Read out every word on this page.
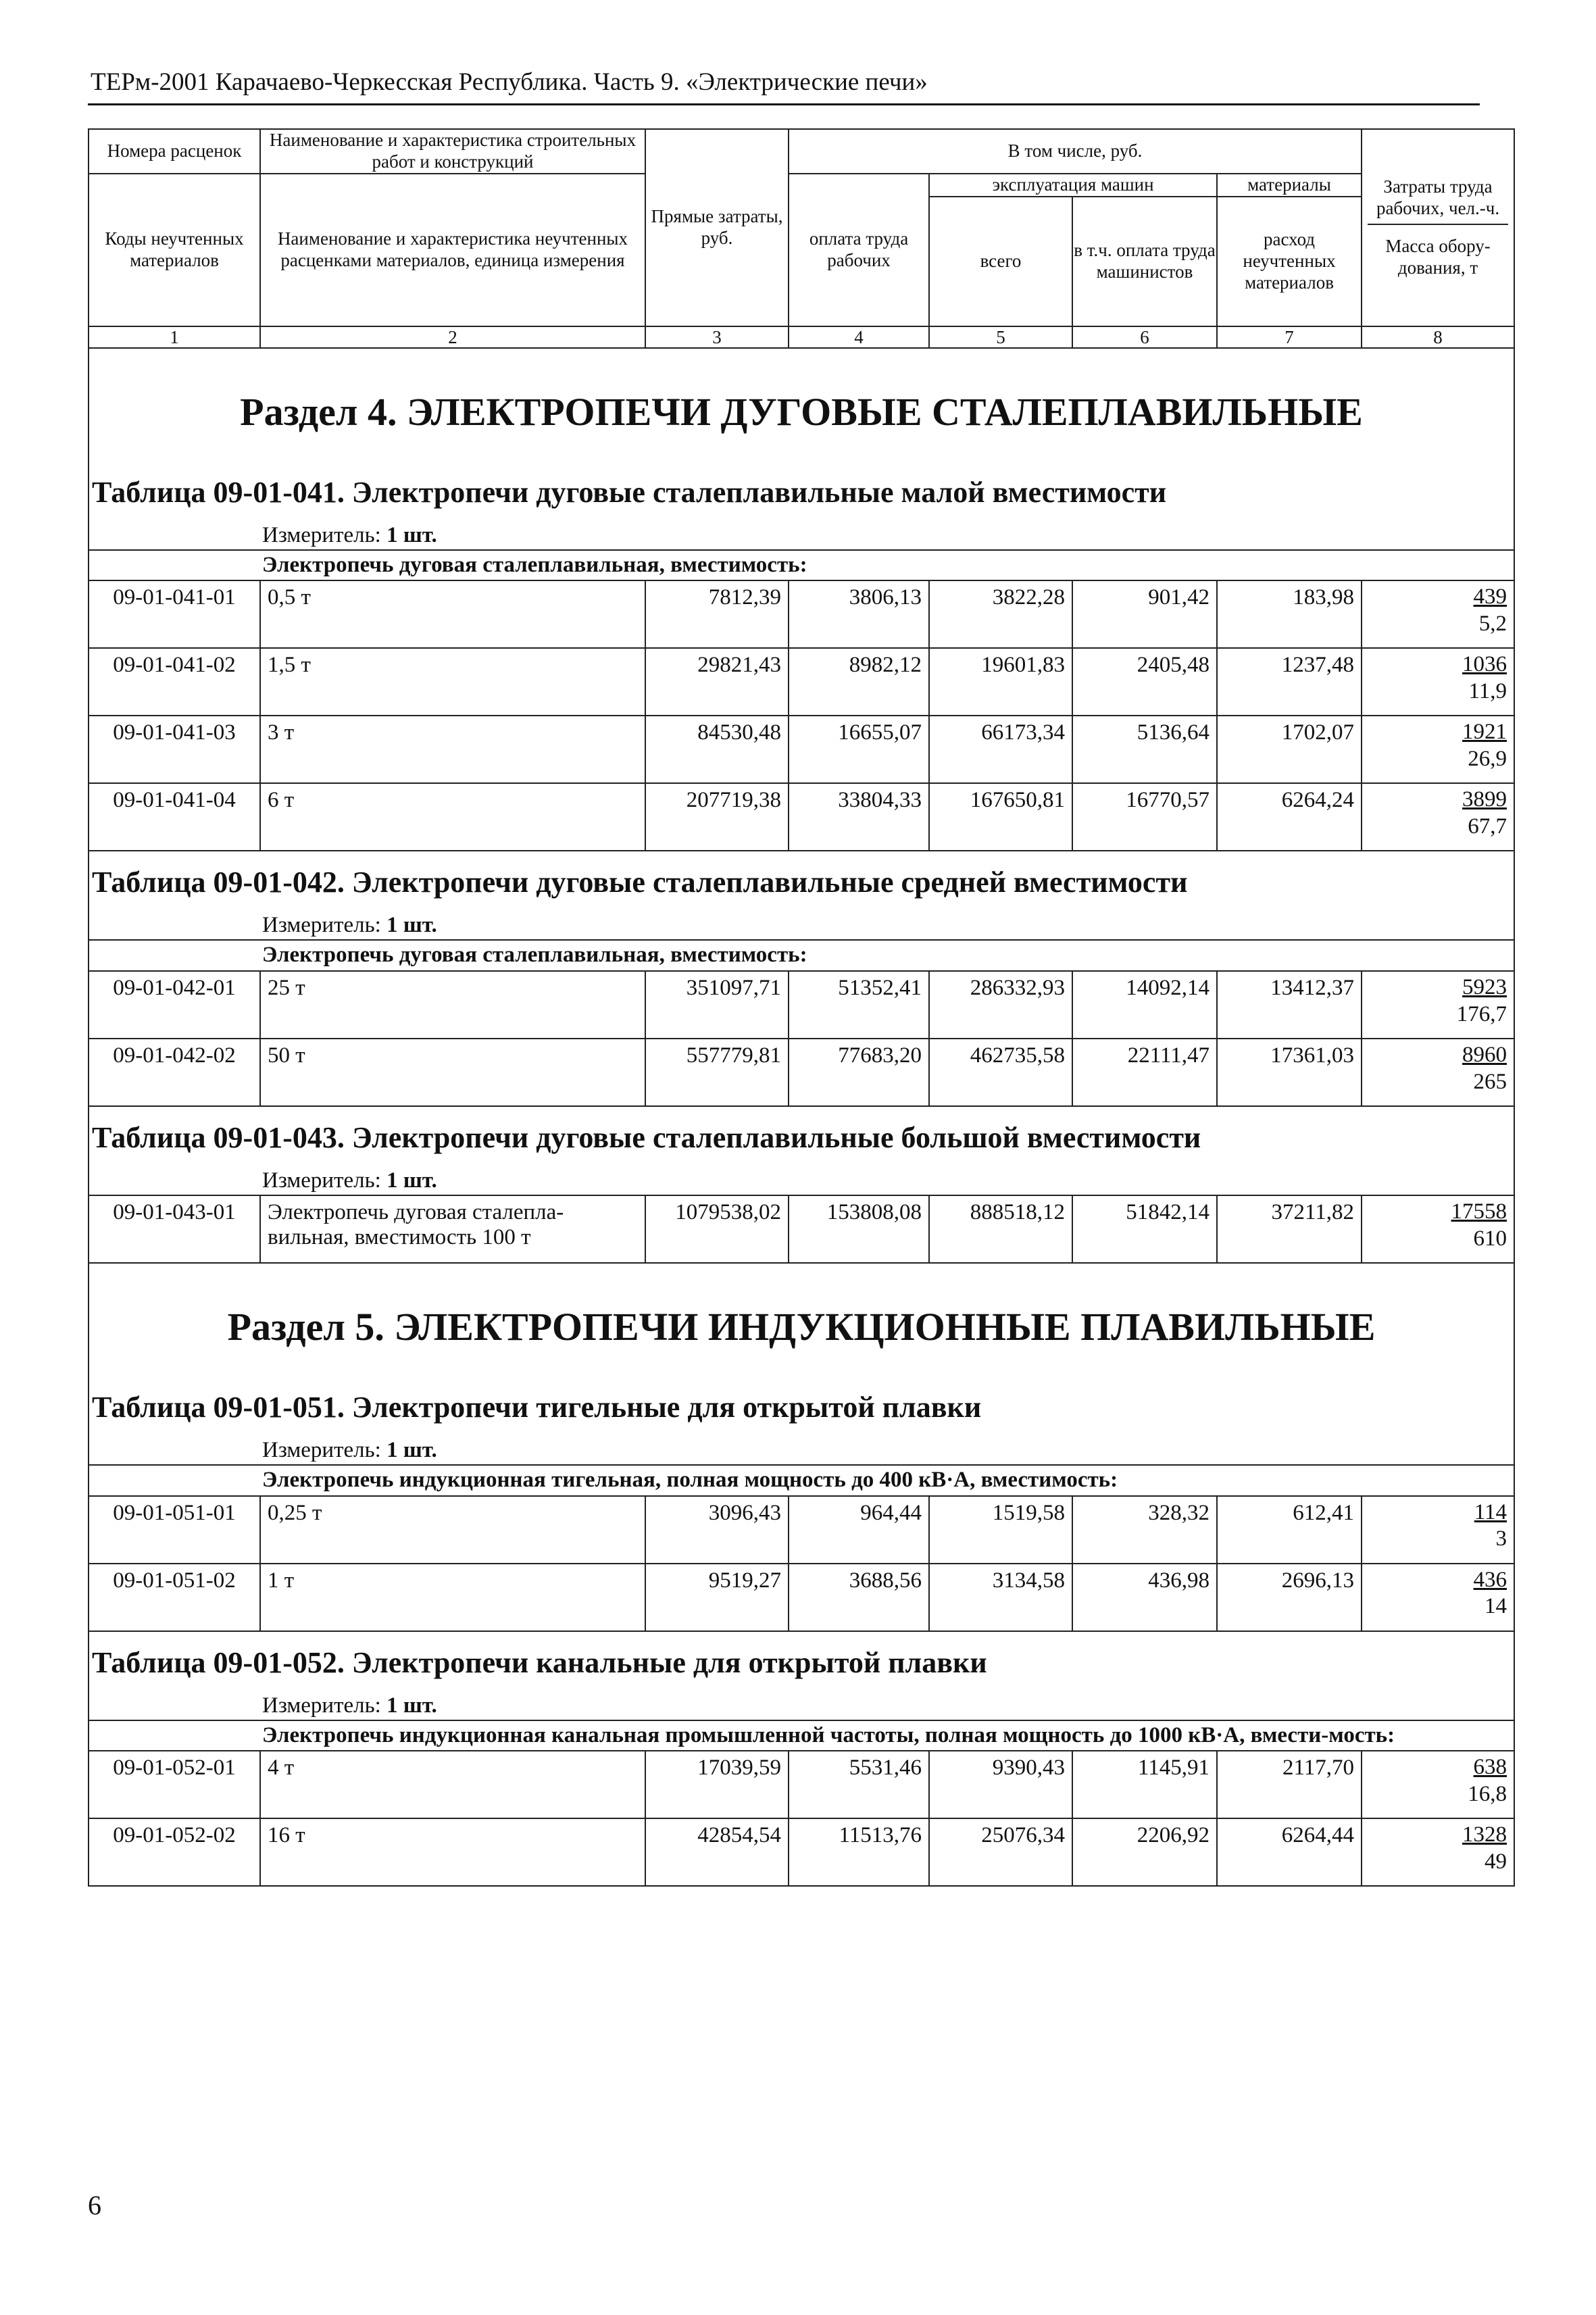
ТЕРм-2001 Карачаево-Черкесская Республика. Часть 9. «Электрические печи»
Номера расценок	Наименование и характеристика строительных работ и конструкций	Прямые затраты, руб.	В том числе, руб.				Затраты труда рабочих, чел.-ч.
Масса обору-дования, т

Коды неучтенных материалов	Наименование и характеристика неучтенных расценками материалов, единица измерения		оплата труда рабочих	эксплуатация машин		материалы	
				всего	в т.ч. оплата труда машинистов	расход неучтенных материалов	
1	2	3	4	5	6	7	8
Раздел 4. ЭЛЕКТРОПЕЧИ ДУГОВЫЕ СТАЛЕПЛАВИЛЬНЫЕ							
Таблица 09-01-041. Электропечи дуговые сталеплавильные малой вместимости							
Измеритель: 1 шт.							
Электропечь дуговая сталеплавильная, вместимость:							
09-01-041-01	0,5 т	7812,39	3806,13	3822,28	901,42	183,98	439
5,2

09-01-041-02	1,5 т	29821,43	8982,12	19601,83	2405,48	1237,48	1036
11,9

09-01-041-03	3 т	84530,48	16655,07	66173,34	5136,64	1702,07	1921
26,9

09-01-041-04	6 т	207719,38	33804,33	167650,81	16770,57	6264,24	3899
67,7

Таблица 09-01-042. Электропечи дуговые сталеплавильные средней вместимости							
Измеритель: 1 шт.							
Электропечь дуговая сталеплавильная, вместимость:							
09-01-042-01	25 т	351097,71	51352,41	286332,93	14092,14	13412,37	5923
176,7

09-01-042-02	50 т	557779,81	77683,20	462735,58	22111,47	17361,03	8960
265

Таблица 09-01-043. Электропечи дуговые сталеплавильные большой вместимости							
Измеритель: 1 шт.							
09-01-043-01	Электропечь дуговая сталепла-вильная, вместимость 100 т	1079538,02	153808,08	888518,12	51842,14	37211,82	17558
610

Раздел 5. ЭЛЕКТРОПЕЧИ ИНДУКЦИОННЫЕ ПЛАВИЛЬНЫЕ							
Таблица 09-01-051. Электропечи тигельные для открытой плавки							
Измеритель: 1 шт.							
Электропечь индукционная тигельная, полная мощность до 400 кВ·А, вместимость:							
09-01-051-01	0,25 т	3096,43	964,44	1519,58	328,32	612,41	114
3

09-01-051-02	1 т	9519,27	3688,56	3134,58	436,98	2696,13	436
14

Таблица 09-01-052. Электропечи канальные для открытой плавки							
Измеритель: 1 шт.							
Электропечь индукционная канальная промышленной частоты, полная мощность до 1000 кВ·А, вмести-мость:							
09-01-052-01	4 т	17039,59	5531,46	9390,43	1145,91	2117,70	638
16,8

09-01-052-02	16 т	42854,54	11513,76	25076,34	2206,92	6264,44	1328
49
6
